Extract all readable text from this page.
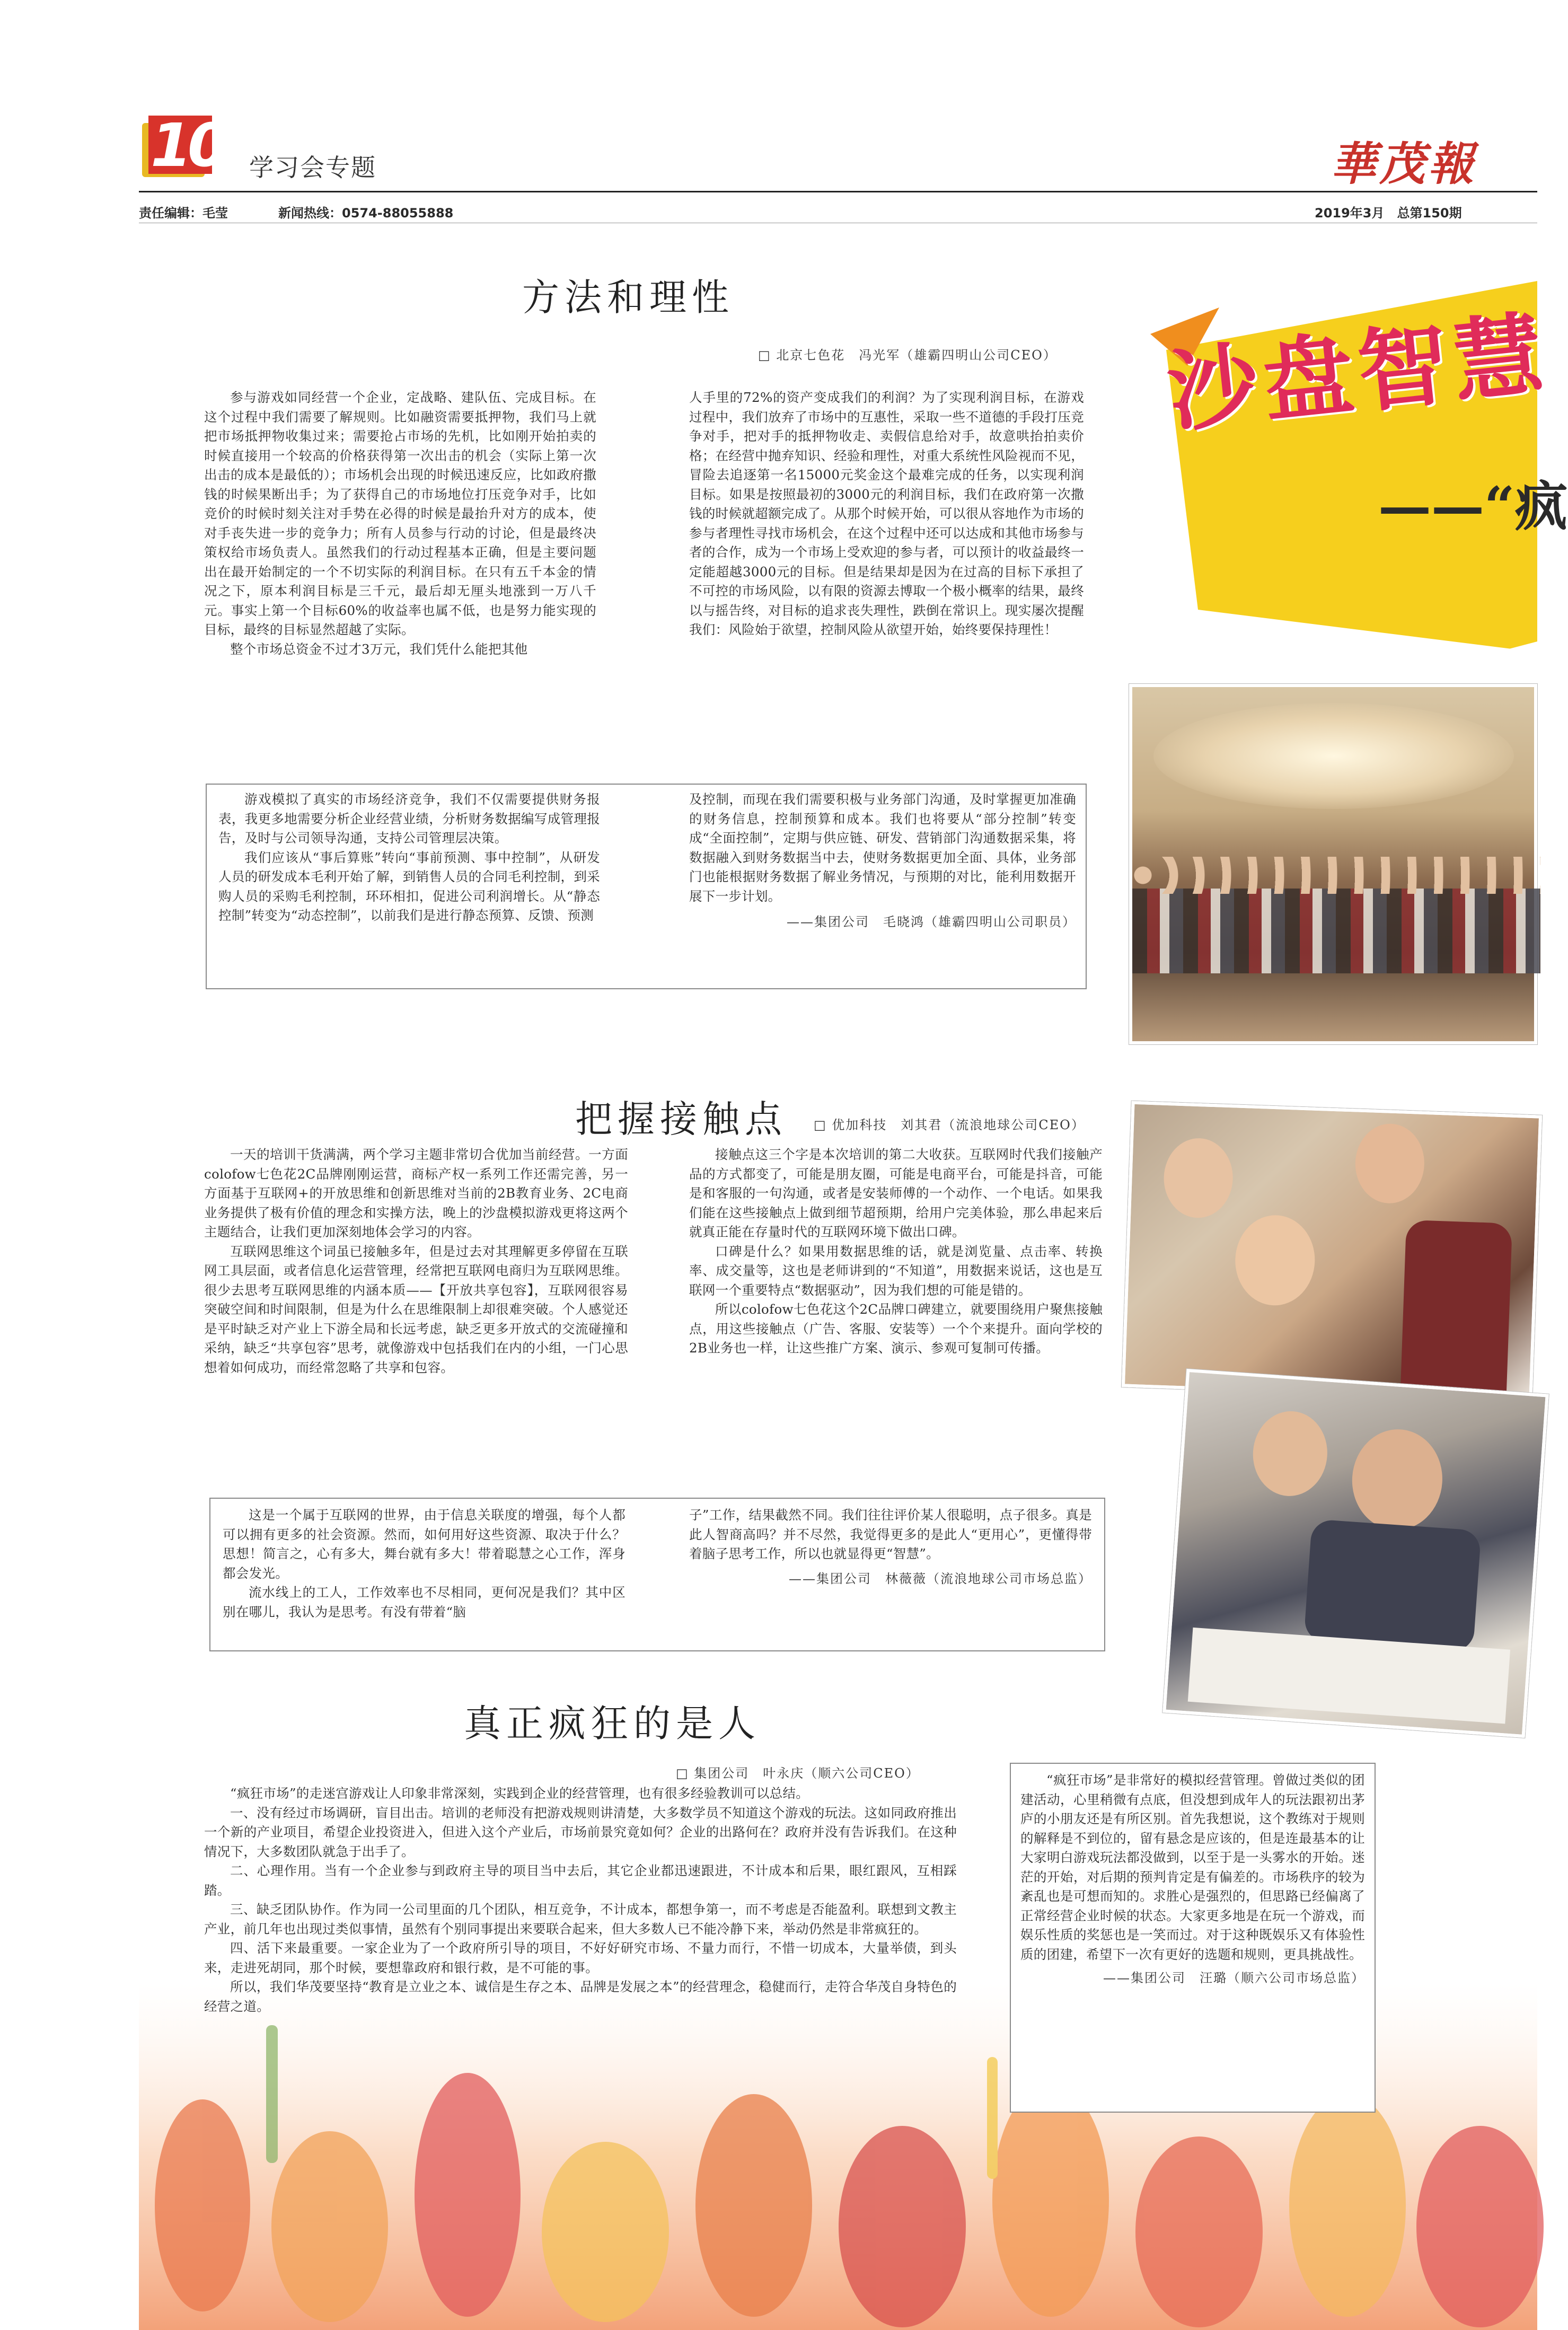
10 学习会专题	華茂報
责任编辑：毛莹	新闻热线：0574-88055888	2019年3月　总第150期
沙盘智慧
——“疯
方法和理性
□ 北京七色花　冯光军（雄霸四明山公司CEO）

参与游戏如同经营一个企业，定战略、建队伍、完成目标。在这个过程中我们需要了解规则。比如融资需要抵押物，我们马上就把市场抵押物收集过来；需要抢占市场的先机，比如刚开始拍卖的时候直接用一个较高的价格获得第一次出击的机会（实际上第一次出击的成本是最低的）；市场机会出现的时候迅速反应，比如政府撒钱的时候果断出手；为了获得自己的市场地位打压竞争对手，比如竞价的时候时刻关注对手势在必得的时候是最抬升对方的成本，使对手丧失进一步的竞争力；所有人员参与行动的讨论，但是最终决策权给市场负责人。虽然我们的行动过程基本正确，但是主要问题出在最开始制定的一个不切实际的利润目标。在只有五千本金的情况之下，原本利润目标是三千元，最后却无厘头地涨到一万八千元。事实上第一个目标60%的收益率也属不低，也是努力能实现的目标，最终的目标显然超越了实际。

整个市场总资金不过才3万元，我们凭什么能把其他

人手里的72%的资产变成我们的利润？为了实现利润目标，在游戏过程中，我们放弃了市场中的互惠性，采取一些不道德的手段打压竞争对手，把对手的抵押物收走、卖假信息给对手，故意哄抬拍卖价格；在经营中抛弃知识、经验和理性，对重大系统性风险视而不见，冒险去追逐第一名15000元奖金这个最难完成的任务，以实现利润目标。如果是按照最初的3000元的利润目标，我们在政府第一次撒钱的时候就超额完成了。从那个时候开始，可以很从容地作为市场的参与者理性寻找市场机会，在这个过程中还可以达成和其他市场参与者的合作，成为一个市场上受欢迎的参与者，可以预计的收益最终一定能超越3000元的目标。但是结果却是因为在过高的目标下承担了不可控的市场风险，以有限的资源去博取一个极小概率的结果，最终以与摇告终，对目标的追求丧失理性，跌倒在常识上。现实屡次提醒我们：风险始于欲望，控制风险从欲望开始，始终要保持理性！

游戏模拟了真实的市场经济竞争，我们不仅需要提供财务报表，我更多地需要分析企业经营业绩，分析财务数据编写成管理报告，及时与公司领导沟通，支持公司管理层决策。

我们应该从“事后算账”转向“事前预测、事中控制”，从研发人员的研发成本毛利开始了解，到销售人员的合同毛利控制，到采购人员的采购毛利控制，环环相扣，促进公司利润增长。从“静态控制”转变为“动态控制”，以前我们是进行静态预算、反馈、预测

及控制，而现在我们需要积极与业务部门沟通，及时掌握更加准确的财务信息，控制预算和成本。我们也将要从“部分控制”转变成“全面控制”，定期与供应链、研发、营销部门沟通数据采集，将数据融入到财务数据当中去，使财务数据更加全面、具体，业务部门也能根据财务数据了解业务情况，与预期的对比，能利用数据开展下一步计划。

——集团公司　毛晓鸿（雄霸四明山公司职员）

把握接触点 □ 优加科技　刘其君（流浪地球公司CEO）

一天的培训干货满满，两个学习主题非常切合优加当前经营。一方面colofow七色花2C品牌刚刚运营，商标产权一系列工作还需完善，另一方面基于互联网+的开放思维和创新思维对当前的2B教育业务、2C电商业务提供了极有价值的理念和实操方法，晚上的沙盘模拟游戏更将这两个主题结合，让我们更加深刻地体会学习的内容。

互联网思维这个词虽已接触多年，但是过去对其理解更多停留在互联网工具层面，或者信息化运营管理，经常把互联网电商归为互联网思维。很少去思考互联网思维的内涵本质——【开放共享包容】，互联网很容易突破空间和时间限制，但是为什么在思维限制上却很难突破。个人感觉还是平时缺乏对产业上下游全局和长远考虑，缺乏更多开放式的交流碰撞和采纳，缺乏“共享包容”思考，就像游戏中包括我们在内的小组，一门心思想着如何成功，而经常忽略了共享和包容。

接触点这三个字是本次培训的第二大收获。互联网时代我们接触产品的方式都变了，可能是朋友圈，可能是电商平台，可能是抖音，可能是和客服的一句沟通，或者是安装师傅的一个动作、一个电话。如果我们能在这些接触点上做到细节超预期，给用户完美体验，那么串起来后就真正能在存量时代的互联网环境下做出口碑。

口碑是什么？如果用数据思维的话，就是浏览量、点击率、转换率、成交量等，这也是老师讲到的“不知道”，用数据来说话，这也是互联网一个重要特点“数据驱动”，因为我们想的可能是错的。

所以colofow七色花这个2C品牌口碑建立，就要围绕用户聚焦接触点，用这些接触点（广告、客服、安装等）一个个来提升。面向学校的2B业务也一样，让这些推广方案、演示、参观可复制可传播。

这是一个属于互联网的世界，由于信息关联度的增强，每个人都可以拥有更多的社会资源。然而，如何用好这些资源、取决于什么？思想！简言之，心有多大，舞台就有多大！带着聪慧之心工作，浑身都会发光。

流水线上的工人，工作效率也不尽相同，更何况是我们？其中区别在哪儿，我认为是思考。有没有带着“脑

子”工作，结果截然不同。我们往往评价某人很聪明，点子很多。真是此人智商高吗？并不尽然，我觉得更多的是此人“更用心”，更懂得带着脑子思考工作，所以也就显得更“智慧”。

——集团公司　林薇薇（流浪地球公司市场总监）

真正疯狂的是人
□ 集团公司　叶永庆（顺六公司CEO）

“疯狂市场”的走迷宫游戏让人印象非常深刻，实践到企业的经营管理，也有很多经验教训可以总结。

一、没有经过市场调研，盲目出击。培训的老师没有把游戏规则讲清楚，大多数学员不知道这个游戏的玩法。这如同政府推出一个新的产业项目，希望企业投资进入，但进入这个产业后，市场前景究竟如何？企业的出路何在？政府并没有告诉我们。在这种情况下，大多数团队就急于出手了。

二、心理作用。当有一个企业参与到政府主导的项目当中去后，其它企业都迅速跟进，不计成本和后果，眼红跟风，互相踩踏。

三、缺乏团队协作。作为同一公司里面的几个团队，相互竞争，不计成本，都想争第一，而不考虑是否能盈利。联想到文教主产业，前几年也出现过类似事情，虽然有个别同事提出来要联合起来，但大多数人已不能冷静下来，举动仍然是非常疯狂的。

四、活下来最重要。一家企业为了一个政府所引导的项目，不好好研究市场、不量力而行，不惜一切成本，大量举债，到头来，走进死胡同，那个时候，要想靠政府和银行救，是不可能的事。

所以，我们华茂要坚持“教育是立业之本、诚信是生存之本、品牌是发展之本”的经营理念，稳健而行，走符合华茂自身特色的经营之道。

“疯狂市场”是非常好的模拟经营管理。曾做过类似的团建活动，心里稍微有点底，但没想到成年人的玩法跟初出茅庐的小朋友还是有所区别。首先我想说，这个教练对于规则的解释是不到位的，留有悬念是应该的，但是连最基本的让大家明白游戏玩法都没做到，以至于是一头雾水的开始。迷茫的开始，对后期的预判肯定是有偏差的。市场秩序的较为紊乱也是可想而知的。求胜心是强烈的，但思路已经偏离了正常经营企业时候的状态。大家更多地是在玩一个游戏，而娱乐性质的奖惩也是一笑而过。对于这种既娱乐又有体验性质的团建，希望下一次有更好的选题和规则，更具挑战性。

——集团公司　汪璐（顺六公司市场总监）
